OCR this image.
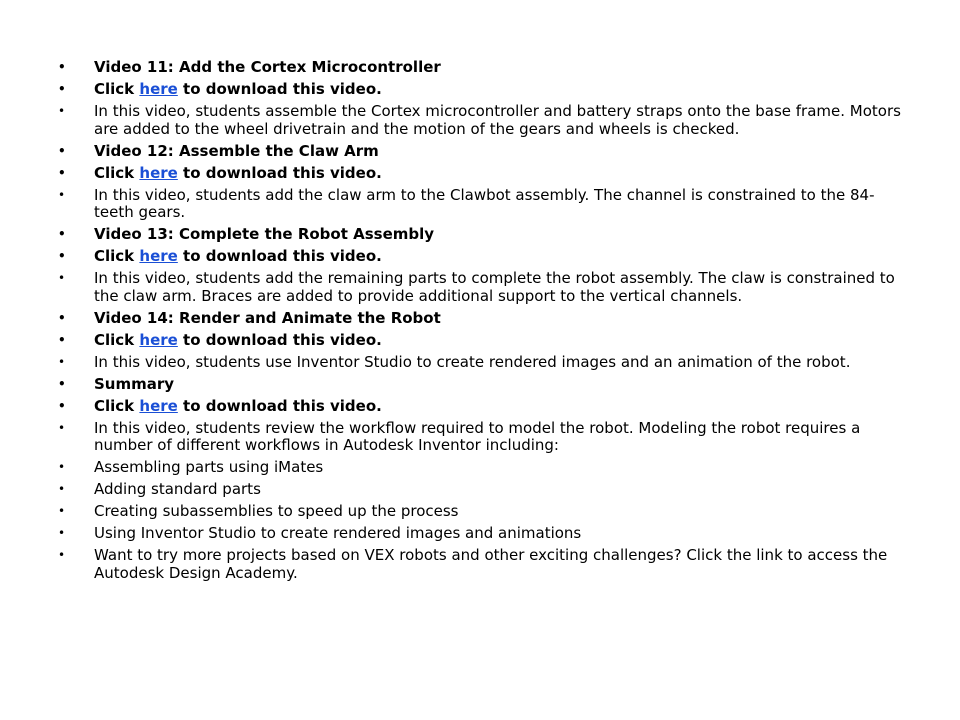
• Video 11: Add the Cortex Microcontroller
• Click here to download this video.
• In this video, students assemble the Cortex microcontroller and battery straps onto the base frame. Motors are added to the wheel drivetrain and the motion of the gears and wheels is checked.
• Video 12: Assemble the Claw Arm
• Click here to download this video.
• In this video, students add the claw arm to the Clawbot assembly. The channel is constrained to the 84-teeth gears.
• Video 13: Complete the Robot Assembly
• Click here to download this video.
• In this video, students add the remaining parts to complete the robot assembly. The claw is constrained to the claw arm. Braces are added to provide additional support to the vertical channels.
• Video 14: Render and Animate the Robot
• Click here to download this video.
• In this video, students use Inventor Studio to create rendered images and an animation of the robot.
• Summary
• Click here to download this video.
• In this video, students review the workflow required to model the robot. Modeling the robot requires a number of different workflows in Autodesk Inventor including:
• Assembling parts using iMates
• Adding standard parts
• Creating subassemblies to speed up the process
• Using Inventor Studio to create rendered images and animations
• Want to try more projects based on VEX robots and other exciting challenges? Click the link to access the Autodesk Design Academy.
